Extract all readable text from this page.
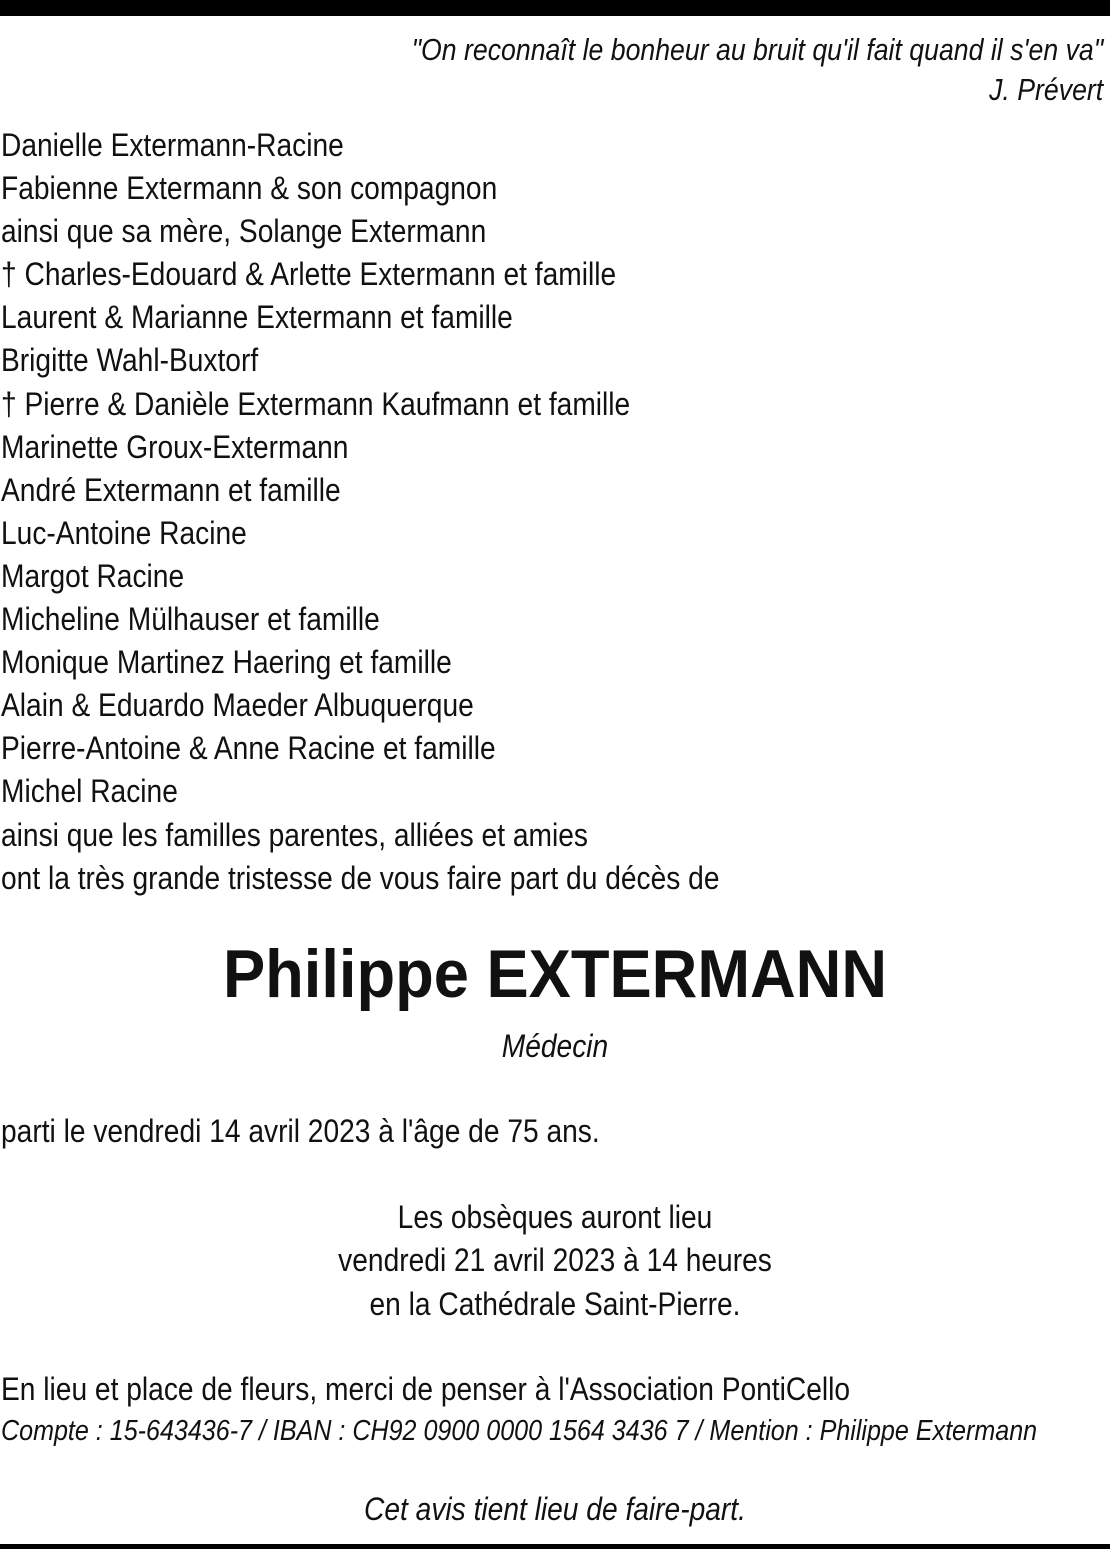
"On reconnaît le bonheur au bruit qu'il fait quand il s'en va"
J. Prévert
Danielle Extermann-Racine
Fabienne Extermann & son compagnon
ainsi que sa mère, Solange Extermann
† Charles-Edouard & Arlette Extermann et famille
Laurent & Marianne Extermann et famille
Brigitte Wahl-Buxtorf
† Pierre & Danièle Extermann Kaufmann et famille
Marinette Groux-Extermann
André Extermann et famille
Luc-Antoine Racine
Margot Racine
Micheline Mülhauser et famille
Monique Martinez Haering et famille
Alain & Eduardo Maeder Albuquerque
Pierre-Antoine & Anne Racine et famille
Michel Racine
ainsi que les familles parentes, alliées et amies
ont la très grande tristesse de vous faire part du décès de
Philippe EXTERMANN
Médecin
parti le vendredi 14 avril 2023 à l'âge de 75 ans.
Les obsèques auront lieu
vendredi 21 avril 2023 à 14 heures
en la Cathédrale Saint-Pierre.
En lieu et place de fleurs, merci de penser à l'Association PontiCello
Compte : 15-643436-7 / IBAN : CH92 0900 0000 1564 3436 7 / Mention : Philippe Extermann
Cet avis tient lieu de faire-part.
